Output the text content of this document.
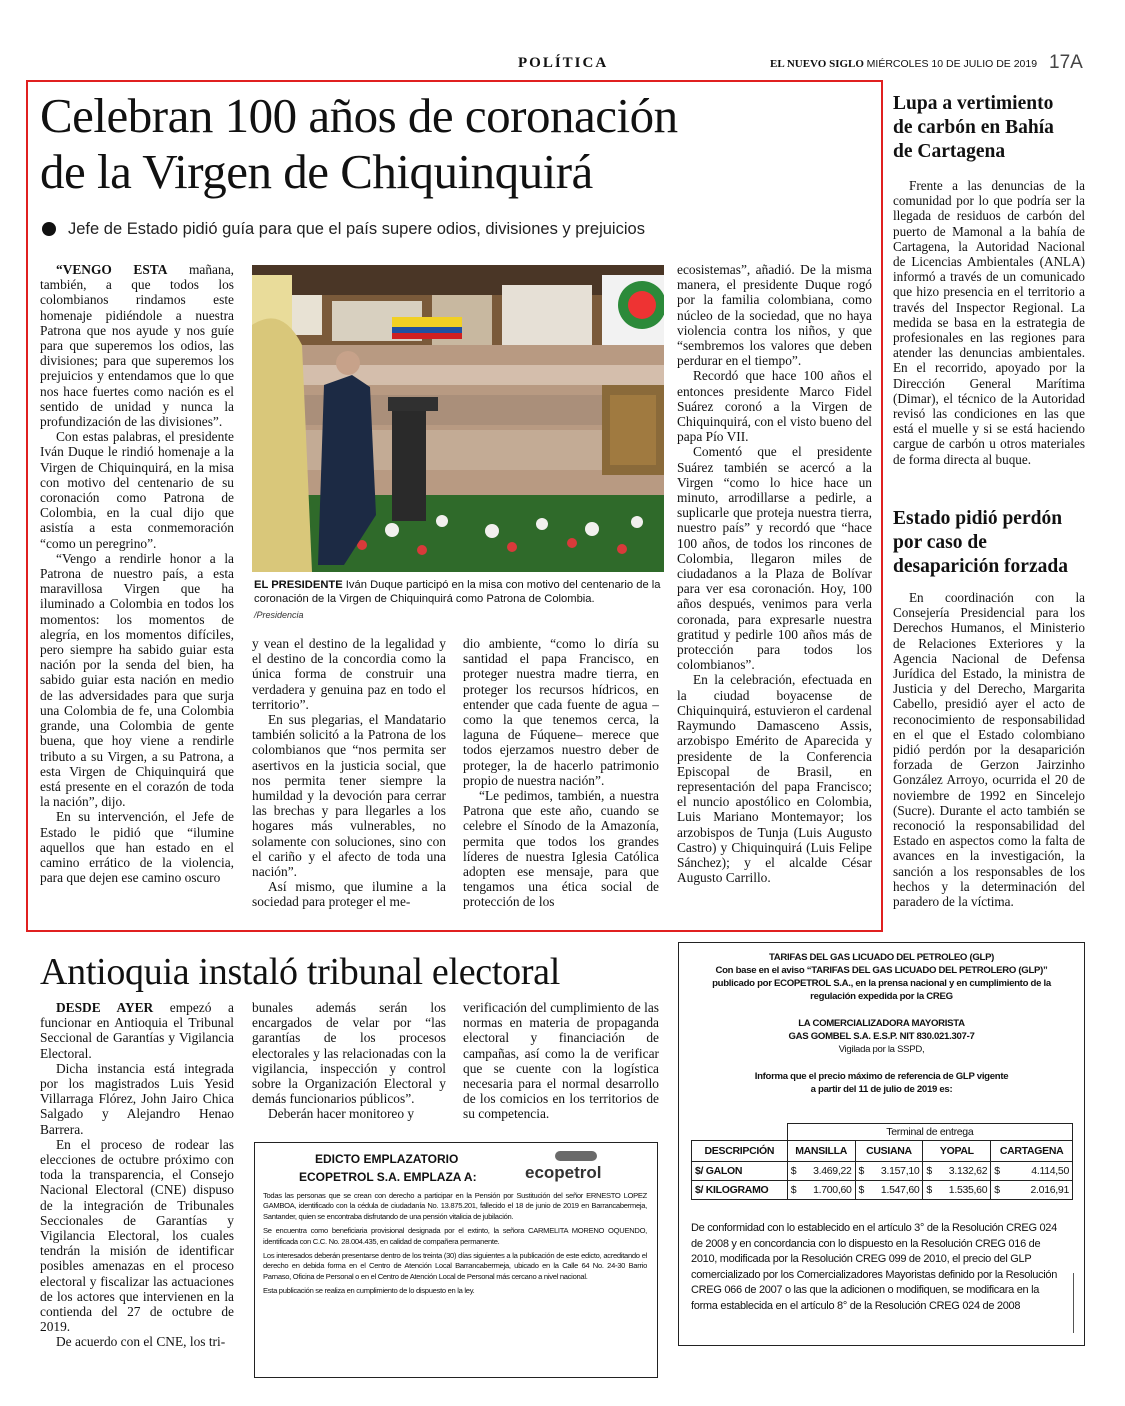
POLÍTICA	EL NUEVO SIGLO MIÉRCOLES 10 DE JULIO DE 2019 17A
Celebran 100 años de coronación
de la Virgen de Chiquinquirá
Jefe de Estado pidió guía para que el país supere odios, divisiones y prejuicios

“VENGO ESTA mañana, también, a que todos los colombianos rindamos este homenaje pidiéndole a nuestra Patrona que nos ayude y nos guíe para que superemos los odios, las divisiones; para que superemos los prejuicios y entendamos que lo que nos hace fuertes como nación es el sentido de unidad y nunca la profundización de las divisiones”.

Con estas palabras, el presidente Iván Duque le rindió homenaje a la Virgen de Chiquinquirá, en la misa con motivo del centenario de su coronación como Patrona de Colombia, en la cual dijo que asistía a esta conmemoración “como un peregrino”.

“Vengo a rendirle honor a la Patrona de nuestro país, a esta maravillosa Virgen que ha iluminado a Colombia en todos los momentos: los momentos de alegría, en los momentos difíciles, pero siempre ha sabido guiar esta nación por la senda del bien, ha sabido guiar esta nación en medio de las adversidades para que surja una Colombia de fe, una Colombia grande, una Colombia de gente buena, que hoy viene a rendirle tributo a su Virgen, a su Patrona, a esta Virgen de Chiquinquirá que está presente en el corazón de toda la nación”, dijo.

En su intervención, el Jefe de Estado le pidió que “ilumine aquellos que han estado en el camino errático de la violencia, para que dejen ese camino oscuro

EL PRESIDENTE Iván Duque participó en la misa con motivo del centenario de la coronación de la Virgen de Chiquinquirá como Patrona de Colombia.
/Presidencia

y vean el destino de la legalidad y el destino de la concordia como la única forma de construir una verdadera y genuina paz en todo el territorio”.

En sus plegarias, el Mandatario también solicitó a la Patrona de los colombianos que “nos permita ser asertivos en la justicia social, que nos permita tener siempre la humildad y la devoción para cerrar las brechas y para llegarles a los hogares más vulnerables, no solamente con soluciones, sino con el cariño y el afecto de toda una nación”.

Así mismo, que ilumine a la sociedad para proteger el me-

dio ambiente, “como lo diría su santidad el papa Francisco, en proteger nuestra madre tierra, en proteger los recursos hídricos, en entender que cada fuente de agua –como la que tenemos cerca, la laguna de Fúquene– merece que todos ejerzamos nuestro deber de proteger, la de hacerlo patrimonio propio de nuestra nación”.

“Le pedimos, también, a nuestra Patrona que este año, cuando se celebre el Sínodo de la Amazonía, permita que todos los grandes líderes de nuestra Iglesia Católica adopten ese mensaje, para que tengamos una ética social de protección de los

ecosistemas”, añadió. De la misma manera, el presidente Duque rogó por la familia colombiana, como núcleo de la sociedad, que no haya violencia contra los niños, y que “sembremos los valores que deben perdurar en el tiempo”.

Recordó que hace 100 años el entonces presidente Marco Fidel Suárez coronó a la Virgen de Chiquinquirá, con el visto bueno del papa Pío VII.

Comentó que el presidente Suárez también se acercó a la Virgen “como lo hice hace un minuto, arrodillarse a pedirle, a suplicarle que proteja nuestra tierra, nuestro país” y recordó que “hace 100 años, de todos los rincones de Colombia, llegaron miles de ciudadanos a la Plaza de Bolívar para ver esa coronación. Hoy, 100 años después, venimos para verla coronada, para expresarle nuestra gratitud y pedirle 100 años más de protección para todos los colombianos”.

En la celebración, efectuada en la ciudad boyacense de Chiquinquirá, estuvieron el cardenal Raymundo Damasceno Assis, arzobispo Emérito de Aparecida y presidente de la Conferencia Episcopal de Brasil, en representación del papa Francisco; el nuncio apostólico en Colombia, Luis Mariano Montemayor; los arzobispos de Tunja (Luis Augusto Castro) y Chiquinquirá (Luis Felipe Sánchez); y el alcalde César Augusto Carrillo.

Lupa a vertimiento de carbón en Bahía de Cartagena

Frente a las denuncias de la comunidad por lo que podría ser la llegada de residuos de carbón del puerto de Mamonal a la bahía de Cartagena, la Autoridad Nacional de Licencias Ambientales (ANLA) informó a través de un comunicado que hizo presencia en el territorio a través del Inspector Regional. La medida se basa en la estrategia de profesionales en las regiones para atender las denuncias ambientales. En el recorrido, apoyado por la Dirección General Marítima (Dimar), el técnico de la Autoridad revisó las condiciones en las que está el muelle y si se está haciendo cargue de carbón u otros materiales de forma directa al buque.

Estado pidió perdón por caso de desaparición forzada

En coordinación con la Consejería Presidencial para los Derechos Humanos, el Ministerio de Relaciones Exteriores y la Agencia Nacional de Defensa Jurídica del Estado, la ministra de Justicia y del Derecho, Margarita Cabello, presidió ayer el acto de reconocimiento de responsabilidad en el que el Estado colombiano pidió perdón por la desaparición forzada de Gerzon Jairzinho González Arroyo, ocurrida el 20 de noviembre de 1992 en Sincelejo (Sucre). Durante el acto también se reconoció la responsabilidad del Estado en aspectos como la falta de avances en la investigación, la sanción a los responsables de los hechos y la determinación del paradero de la víctima.

Antioquia instaló tribunal electoral

DESDE AYER empezó a funcionar en Antioquia el Tribunal Seccional de Garantías y Vigilancia Electoral.

Dicha instancia está integrada por los magistrados Luis Yesid Villarraga Flórez, John Jairo Chica Salgado y Alejandro Henao Barrera.

En el proceso de rodear las elecciones de octubre próximo con toda la transparencia, el Consejo Nacional Electoral (CNE) dispuso de la integración de Tribunales Seccionales de Garantías y Vigilancia Electoral, los cuales tendrán la misión de identificar posibles amenazas en el proceso electoral y fiscalizar las actuaciones de los actores que intervienen en la contienda del 27 de octubre de 2019.

De acuerdo con el CNE, los tri-

bunales además serán los encargados de velar por “las garantías de los procesos electorales y las relacionadas con la vigilancia, inspección y control sobre la Organización Electoral y demás funcionarios públicos”.

Deberán hacer monitoreo y

verificación del cumplimiento de las normas en materia de propaganda electoral y financiación de campañas, así como la de verificar que se cuente con la logística necesaria para el normal desarrollo de los comicios en los territorios de su competencia.

EDICTO EMPLAZATORIO
ECOPETROL S.A. EMPLAZA A:	ecopetrol
Todas las personas que se crean con derecho a participar en la Pensión por Sustitución del señor ERNESTO LOPEZ GAMBOA, identificado con la cédula de ciudadanía No. 13.875.201, fallecido el 18 de junio de 2019 en Barrancabermeja, Santander, quien se encontraba disfrutando de una pensión vitalicia de jubilación.
Se encuentra como beneficiaria provisional designada por el extinto, la señora CARMELITA MORENO OQUENDO, identificada con C.C. No. 28.004.435, en calidad de compañera permanente.
Los interesados deberán presentarse dentro de los treinta (30) días siguientes a la publicación de este edicto, acreditando el derecho en debida forma en el Centro de Atención Local Barrancabermeja, ubicado en la Calle 64 No. 24-30 Barrio Parnaso, Oficina de Personal o en el Centro de Atención Local de Personal más cercano a nivel nacional.
Esta publicación se realiza en cumplimiento de lo dispuesto en la ley.
TARIFAS DEL GAS LICUADO DEL PETROLEO (GLP)
Con base en el aviso “TARIFAS DEL GAS LICUADO DEL PETROLERO (GLP)”
publicado por ECOPETROL S.A., en la prensa nacional y en cumplimiento de la
regulación expedida por la CREG
LA COMERCIALIZADORA MAYORISTA
GAS GOMBEL S.A. E.S.P. NIT 830.021.307-7
Vigilada por la SSPD,
Informa que el precio máximo de referencia de GLP vigente
a partir del 11 de julio de 2019 es:
	Terminal de entrega							
DESCRIPCIÓN	MANSILLA		CUSIANA		YOPAL		CARTAGENA	
$/ GALON	$	3.469,22	$	3.157,10	$	3.132,62	$	4.114,50
$/ KILOGRAMO	$	1.700,60	$	1.547,60	$	1.535,60	$	2.016,91
De conformidad con lo establecido en el artículo 3° de la Resolución CREG 024 de 2008 y en concordancia con lo dispuesto en la Resolución CREG 016 de 2010, modificada por la Resolución CREG 099 de 2010, el precio del GLP comercializado por los Comercializadores Mayoristas definido por la Resolución CREG 066 de 2007 o las que la adicionen o modifiquen, se modificara en la forma establecida en el artículo 8° de la Resolución CREG 024 de 2008
